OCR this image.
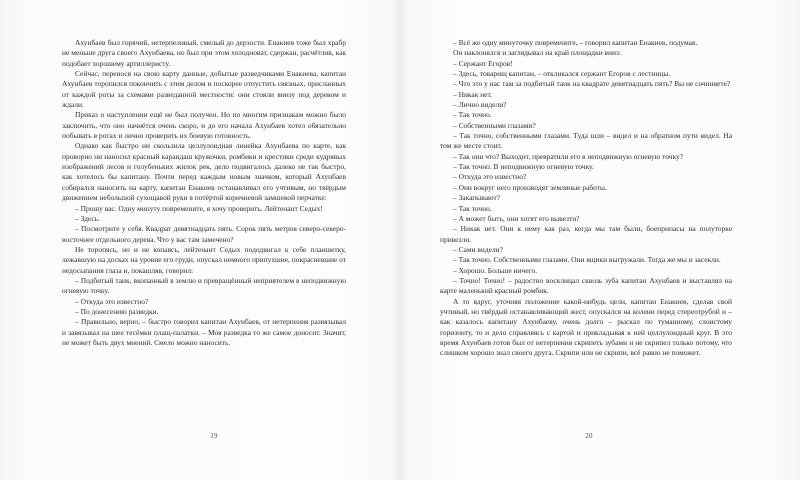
Ахунбаев был горячий, нетерпеливый, смелый до дерзости. Енакиев тоже был храбр не меньше друга своего Ахунбаева, но был при этом холодноват, сдержан, расчётлив, как подобает хорошему артиллеристу.

Сейчас, перенося на свою карту данные, добытые разведчиками Енакиева, капитан Ахунбаев торопился покончить с этим делом и поскорее отпустить связных, присланных от каждой роты за схемами разведанной местности: они стояли внизу под деревом и ждали.

Приказ о наступлении ещё не был получен. Но по многим признакам можно было заключить, что оно начнётся очень скоро, и до его начала Ахунбаев хотел обязательно побывать в ротах и лично проверить их боевую готовность.

Однако как быстро ни скользила целлулоидная линейка Ахунбаева по карте, как проворно ни наносил красный карандаш кружочки, ромбики и крестики среди кудрявых изображений лесов и голубеньких жилок рек, дело подвигалось далеко не так быстро, как хотелось бы капитану. Почти перед каждым новым значком, который Ахунбаев собирался наносить на карту, капитан Енакиев останавливал его учтивым, но твёрдым движением небольшой сухощавой руки в потёртой коричневой замшевой перчатке:

– Прошу вас. Одну минуту повремените, я хочу проверить. Лейтенант Седых!

– Здесь.

– Посмотрите у себя. Квадрат девятнадцать пять. Сорок пять метров северо-северо-восточнее отдельного дерева. Что у вас там замечено?

Не торопясь, но и не копаясь, лейтенант Седых пододвигал к себе планшетку, лежавшую на досках на уровне его груди, опускал немного припухшие, покрасневшие от недосыпания глаза и, покашляв, говорил:

– Подбитый танк, вкопанный в землю и превращённый неприятелем в неподвижную огневую точку.

– Откуда это известно?

– По донесению разведки.

– Правильно, верно, – быстро говорил капитан Ахунбаев, от нетерпения развязывал и завязывал на шее тесёмки плащ-палатки. – Моя разведка то же самое доносит. Значит, не может быть двух мнений. Смело можно наносить.

19

– Всё же одну минуточку повремените, – говорил капитан Енакиев, подумав.

Он наклонялся и заглядывал на край площадки вниз:

– Сержант Егоров!

– Здесь, товарищ капитан, – откликался сержант Егоров с лестницы.

– Что это у нас там за подбитый танк на квадрате девятнадцать пять? Вы не сочиняете?

– Никак нет.

– Лично видели?

– Так точно.

– Собственными глазами?

– Так точно, собственными глазами. Туда шли – видел и на обратном пути видел. На том же месте стоит.

– Так они что? Выходит, превратили его в неподвижную огневую точку?

– Так точно. В неподвижную огневую точку.

– Откуда это известно?

– Они вокруг него производят земляные работы.

– Закапывают?

– Так точно.

– А может быть, они хотят его вывезти?

– Никак нет. Они к нему как раз, когда мы там были, боеприпасы на полуторке привезли.

– Сами видели?

– Так точно. Собственными глазами. Они ящики выгружали. Тогда же мы и засекли.

– Хорошо. Больше ничего.

– Точно! Точно! – радостно восклицал сквозь зуба капитан Ахунбаев и выставлял на карте маленький красный ромбик.

А то вдруг, уточняя положение какой-нибудь цели, капитан Енакиев, сделав свой учтивый, но твёрдый останавливающий жест, опускался на колени перед стереотрубой и – как казалось капитану Ахунбаеву, очень долго – рыскал по туманному, слоистому горизонту, то и дело справляясь с картой и прикладывая к ней целлулоидный круг. В это время Ахунбаев готов был от нетерпения скрипеть зубами и не скрипел только потому, что слишком хорошо знал своего друга. Скрипи или не скрипи, всё равно не поможет.

20
